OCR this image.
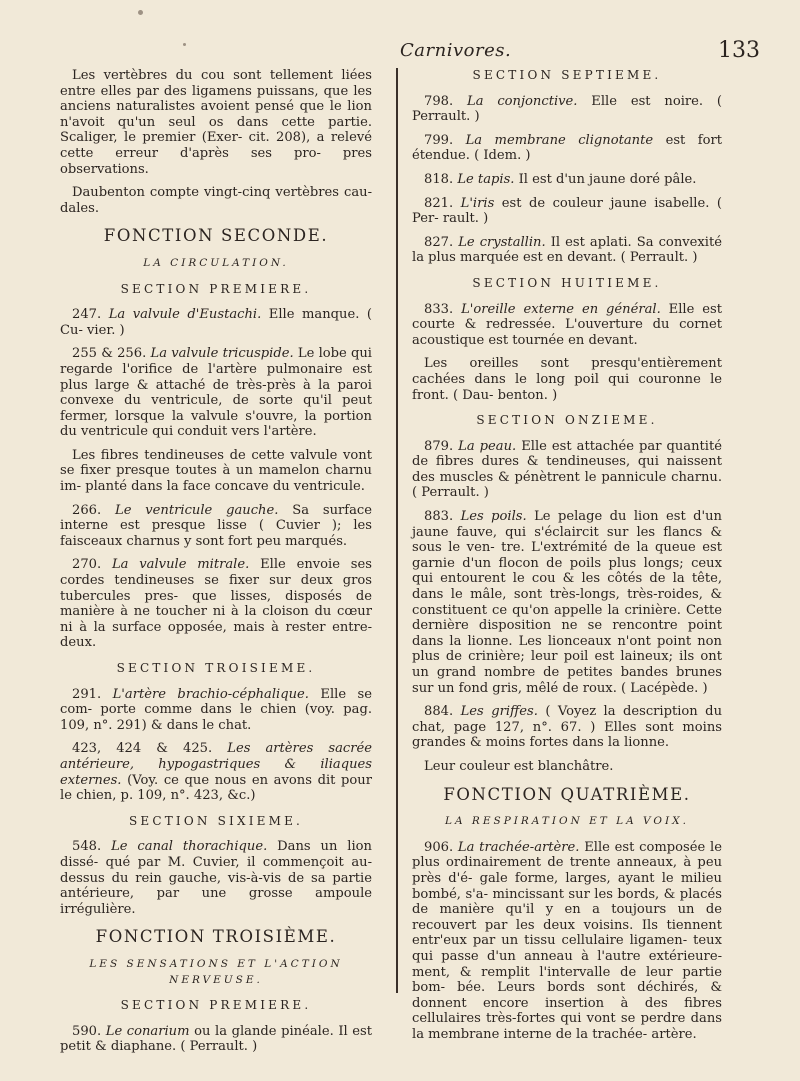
Carnivores.	133

Les vertèbres du cou sont tellement liées entre elles par des ligamens puissans, que les anciens naturalistes avoient pensé que le lion n'avoit qu'un seul os dans cette partie. Scaliger, le premier (Exer- cit. 208), a relevé cette erreur d'après ses pro- pres observations.

Daubenton compte vingt-cinq vertèbres cau- dales.

FONCTION SECONDE.
LA CIRCULATION.
SECTION PREMIERE.

247. La valvule d'Eustachi. Elle manque. ( Cu- vier. )

255 & 256. La valvule tricuspide. Le lobe qui regarde l'orifice de l'artère pulmonaire est plus large & attaché de très-près à la paroi convexe du ventricule, de sorte qu'il peut fermer, lorsque la valvule s'ouvre, la portion du ventricule qui conduit vers l'artère.

Les fibres tendineuses de cette valvule vont se fixer presque toutes à un mamelon charnu im- planté dans la face concave du ventricule.

266. Le ventricule gauche. Sa surface interne est presque lisse ( Cuvier ); les faisceaux charnus y sont fort peu marqués.

270. La valvule mitrale. Elle envoie ses cordes tendineuses se fixer sur deux gros tubercules pres- que lisses, disposés de manière à ne toucher ni à la cloison du cœur ni à la surface opposée, mais à rester entre-deux.

SECTION TROISIEME.

291. L'artère brachio-céphalique. Elle se com- porte comme dans le chien (voy. pag. 109, n°. 291) & dans le chat.

423, 424 & 425. Les artères sacrée antérieure, hypogastriques & iliaques externes. (Voy. ce que nous en avons dit pour le chien, p. 109, n°. 423, &c.)

SECTION SIXIEME.

548. Le canal thorachique. Dans un lion dissé- qué par M. Cuvier, il commençoit au-dessus du rein gauche, vis-à-vis de sa partie antérieure, par une grosse ampoule irrégulière.

FONCTION TROISIÈME.
LES SENSATIONS ET L'ACTION NERVEUSE.
SECTION PREMIERE.

590. Le conarium ou la glande pinéale. Il est petit & diaphane. ( Perrault. )

SECTION SEPTIEME.

798. La conjonctive. Elle est noire. ( Perrault. )

799. La membrane clignotante est fort étendue. ( Idem. )

818. Le tapis. Il est d'un jaune doré pâle.

821. L'iris est de couleur jaune isabelle. ( Per- rault. )

827. Le crystallin. Il est aplati. Sa convexité la plus marquée est en devant. ( Perrault. )

SECTION HUITIEME.

833. L'oreille externe en général. Elle est courte & redressée. L'ouverture du cornet acoustique est tournée en devant.

Les oreilles sont presqu'entièrement cachées dans le long poil qui couronne le front. ( Dau- benton. )

SECTION ONZIEME.

879. La peau. Elle est attachée par quantité de fibres dures & tendineuses, qui naissent des muscles & pénètrent le pannicule charnu. ( Perrault. )

883. Les poils. Le pelage du lion est d'un jaune fauve, qui s'éclaircit sur les flancs & sous le ven- tre. L'extrémité de la queue est garnie d'un flocon de poils plus longs; ceux qui entourent le cou & les côtés de la tête, dans le mâle, sont très-longs, très-roides, & constituent ce qu'on appelle la crinière. Cette dernière disposition ne se rencontre point dans la lionne. Les lionceaux n'ont point non plus de crinière; leur poil est laineux; ils ont un grand nombre de petites bandes brunes sur un fond gris, mêlé de roux. ( Lacépède. )

884. Les griffes. ( Voyez la description du chat, page 127, n°. 67. ) Elles sont moins grandes & moins fortes dans la lionne.

Leur couleur est blanchâtre.

FONCTION QUATRIÈME.
LA RESPIRATION ET LA VOIX.

906. La trachée-artère. Elle est composée le plus ordinairement de trente anneaux, à peu près d'é- gale forme, larges, ayant le milieu bombé, s'a- mincissant sur les bords, & placés de manière qu'il y en a toujours un de recouvert par les deux voisins. Ils tiennent entr'eux par un tissu cellulaire ligamen- teux qui passe d'un anneau à l'autre extérieure- ment, & remplit l'intervalle de leur partie bom- bée. Leurs bords sont déchirés, & donnent encore insertion à des fibres cellulaires très-fortes qui vont se perdre dans la membrane interne de la trachée- artère.
